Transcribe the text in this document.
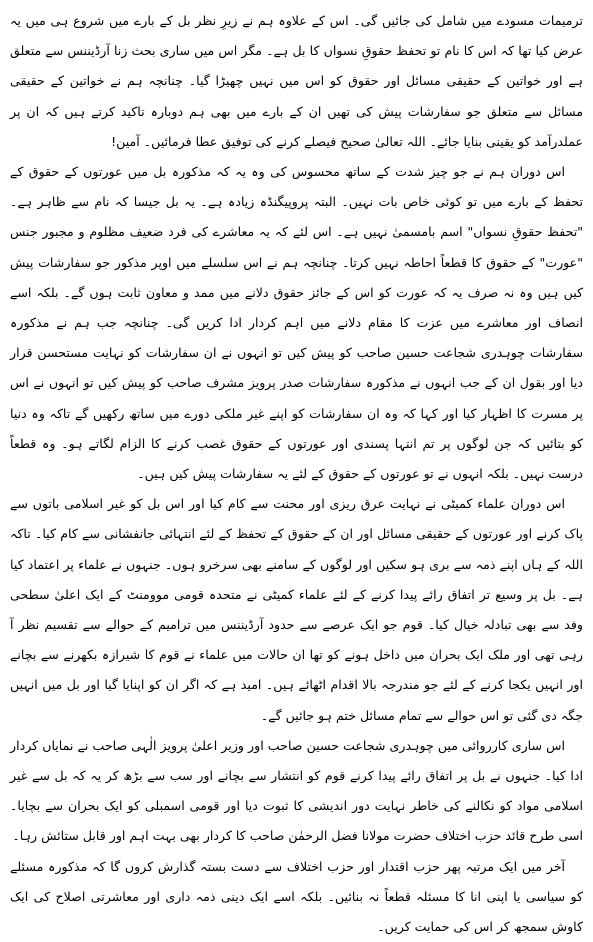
ترمیمات مسودے میں شامل کی جائیں گی۔ اس کے علاوہ ہم نے زیرِ نظر بل کے بارے میں شروع ہی میں یہ عرض کیا تھا کہ اس کا نام تو تحفظ حقوقِ نسواں کا بل ہے۔ مگر اس میں ساری بحث زنا آرڈیننس سے متعلق ہے اور خواتین کے حقیقی مسائل اور حقوق کو اس میں نہیں چھیڑا گیا۔ چنانچہ ہم نے خواتین کے حقیقی مسائل سے متعلق جو سفارشات پیش کی تھیں ان کے بارے میں بھی ہم دوبارہ تاکید کرتے ہیں کہ ان پر عملدرآمد کو یقینی بنایا جائے۔ اللہ تعالیٰ صحیح فیصلے کرنے کی توفیق عطا فرمائیں۔ آمین!

اس دوران ہم نے جو چیز شدت کے ساتھ محسوس کی وہ یہ کہ مذکورہ بل میں عورتوں کے حقوق کے تحفظ کے بارے میں تو کوئی خاص بات نہیں۔ البتہ پروپیگنڈہ زیادہ ہے۔ یہ بل جیسا کہ نام سے ظاہر ہے۔ "تحفظ حقوقِ نسواں" اسم بامسمیٰ نہیں ہے۔ اس لئے کہ یہ معاشرے کی فرد ضعیف مظلوم و مجبور جنس "عورت" کے حقوق کا قطعاً احاطہ نہیں کرتا۔ چنانچہ ہم نے اس سلسلے میں اوپر مذکور جو سفارشات پیش کیں ہیں وہ نہ صرف یہ کہ عورت کو اس کے جائز حقوق دلانے میں ممد و معاون ثابت ہوں گے۔ بلکہ اسے انصاف اور معاشرے میں عزت کا مقام دلانے میں اہم کردار ادا کریں گی۔ چنانچہ جب ہم نے مذکورہ سفارشات چوہدری شجاعت حسین صاحب کو پیش کیں تو انہوں نے ان سفارشات کو نہایت مستحسن قرار دیا اور بقول ان کے جب انہوں نے مذکورہ سفارشات صدر پرویز مشرف صاحب کو پیش کیں تو انہوں نے اس پر مسرت کا اظہار کیا اور کہا کہ وہ ان سفارشات کو اپنے غیر ملکی دورے میں ساتھ رکھیں گے تاکہ وہ دنیا کو بتائیں کہ جن لوگوں پر تم انتہا پسندی اور عورتوں کے حقوق غصب کرنے کا الزام لگاتے ہو۔ وہ قطعاً درست نہیں۔ بلکہ انہوں نے تو عورتوں کے حقوق کے لئے یہ سفارشات پیش کیں ہیں۔

اس دوران علماء کمیٹی نے نہایت عرق ریزی اور محنت سے کام کیا اور اس بل کو غیر اسلامی باتوں سے پاک کرنے اور عورتوں کے حقیقی مسائل اور ان کے حقوق کے تحفظ کے لئے انتہائی جانفشانی سے کام کیا۔ تاکہ اللہ کے ہاں اپنے ذمہ سے بری ہو سکیں اور لوگوں کے سامنے بھی سرخرو ہوں۔ جنہوں نے علماء پر اعتماد کیا ہے۔ بل پر وسیع تر اتفاق رائے پیدا کرنے کے لئے علماء کمیٹی نے متحدہ قومی موومنٹ کے ایک اعلیٰ سطحی وفد سے بھی تبادلہ خیال کیا۔ قوم جو ایک عرصے سے حدود آرڈیننس میں ترامیم کے حوالے سے تقسیم نظر آ رہی تھی اور ملک ایک بحران میں داخل ہونے کو تھا ان حالات میں علماء نے قوم کا شیرازہ بکھرنے سے بچانے اور انہیں یکجا کرنے کے لئے جو مندرجہ بالا اقدام اٹھائے ہیں۔ امید ہے کہ اگر ان کو اپنایا گیا اور بل میں انہیں جگہ دی گئی تو اس حوالے سے تمام مسائل ختم ہو جائیں گے۔

اس ساری کارروائی میں چوہدری شجاعت حسین صاحب اور وزیر اعلیٰ پرویز الٰہی صاحب نے نمایاں کردار ادا کیا۔ جنہوں نے بل پر اتفاق رائے پیدا کرنے قوم کو انتشار سے بچانے اور سب سے بڑھ کر یہ کہ بل سے غیر اسلامی مواد کو نکالنے کی خاطر نہایت دور اندیشی کا ثبوت دیا اور قومی اسمبلی کو ایک بحران سے بچایا۔ اسی طرح قائد حزب اختلاف حضرت مولانا فضل الرحمٰن صاحب کا کردار بھی بہت اہم اور قابل ستائش رہا۔

آخر میں ایک مرتبہ پھر حزب اقتدار اور حزب اختلاف سے دست بستہ گذارش کروں گا کہ مذکورہ مسئلے کو سیاسی یا اپنی انا کا مسئلہ قطعاً نہ بنائیں۔ بلکہ اسے ایک دینی ذمہ داری اور معاشرتی اصلاح کی ایک کاوش سمجھ کر اس کی حمایت کریں۔
